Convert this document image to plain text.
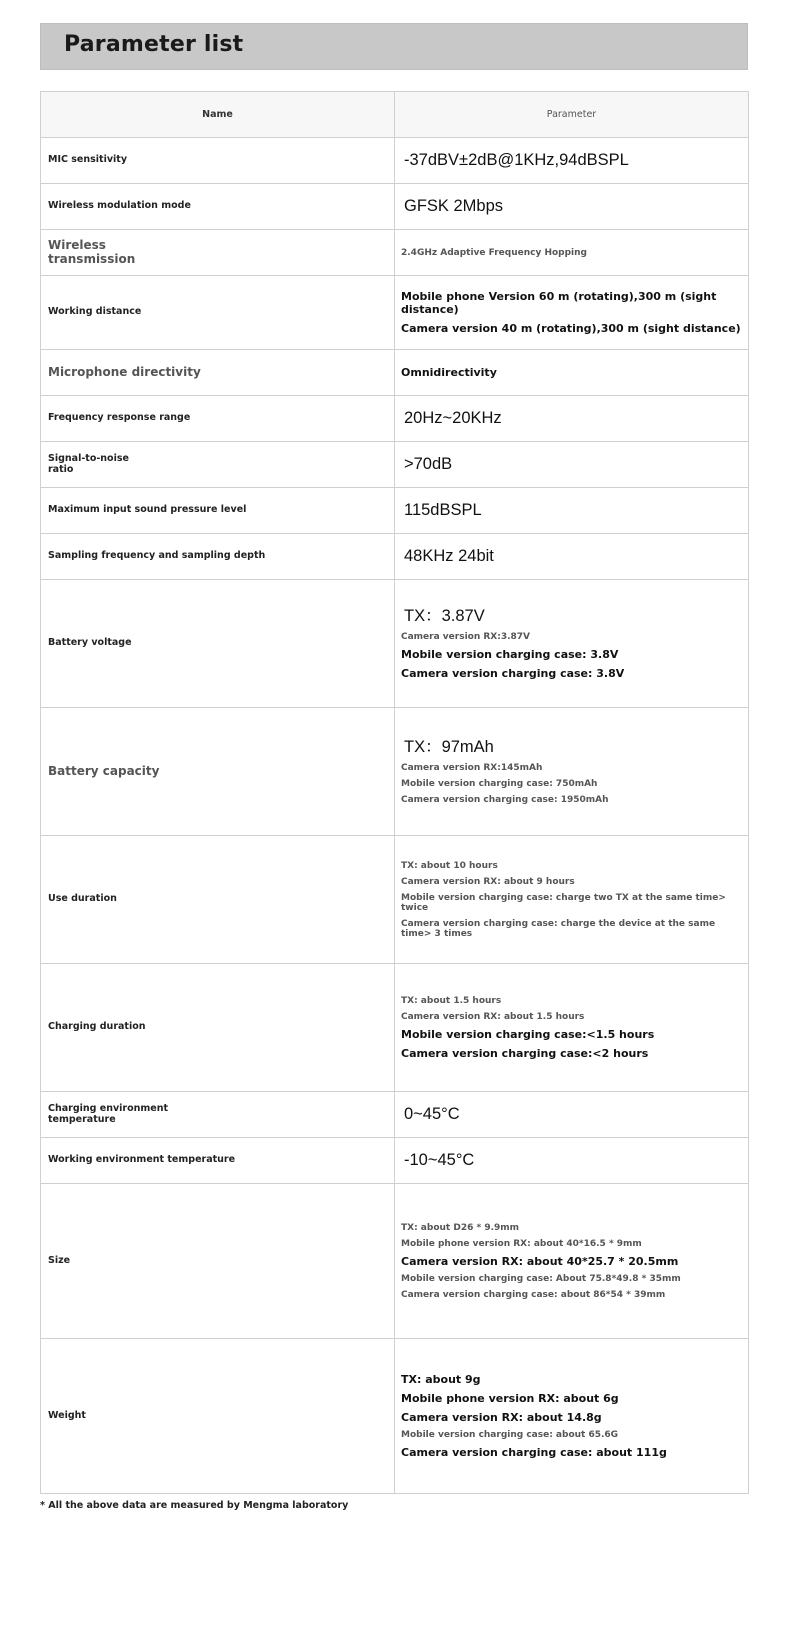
Parameter list
Name	Parameter
MIC sensitivity	-37dBV±2dB@1KHz,94dBSPL

Wireless modulation mode	GFSK 2Mbps

Wireless
transmission	2.4GHz Adaptive Frequency Hopping

Working distance	Mobile phone Version 60 m (rotating),300 m (sight distance)
Camera version 40 m (rotating),300 m (sight distance)

Microphone directivity	Omnidirectivity

Frequency response range	20Hz~20KHz

Signal-to-noise
ratio	>70dB

Maximum input sound pressure level	115dBSPL

Sampling frequency and sampling depth	48KHz 24bit

Battery voltage	TX：3.87V
Camera version RX:3.87V
Mobile version charging case: 3.8V
Camera version charging case: 3.8V

Battery capacity	TX：97mAh
Camera version RX:145mAh
Mobile version charging case: 750mAh
Camera version charging case: 1950mAh

Use duration	TX: about 10 hours
Camera version RX: about 9 hours
Mobile version charging case: charge two TX at the same time> twice
Camera version charging case: charge the device at the same time> 3 times

Charging duration	TX: about 1.5 hours
Camera version RX: about 1.5 hours
Mobile version charging case:<1.5 hours
Camera version charging case:<2 hours

Charging environment
temperature	0~45°C

Working environment temperature	-10~45°C

Size	TX: about D26 * 9.9mm
Mobile phone version RX: about 40*16.5 * 9mm
Camera version RX: about 40*25.7 * 20.5mm
Mobile version charging case: About 75.8*49.8 * 35mm
Camera version charging case: about 86*54 * 39mm

Weight	TX: about 9g
Mobile phone version RX: about 6g
Camera version RX: about 14.8g
Mobile version charging case: about 65.6G
Camera version charging case: about 111g
* All the above data are measured by Mengma laboratory
